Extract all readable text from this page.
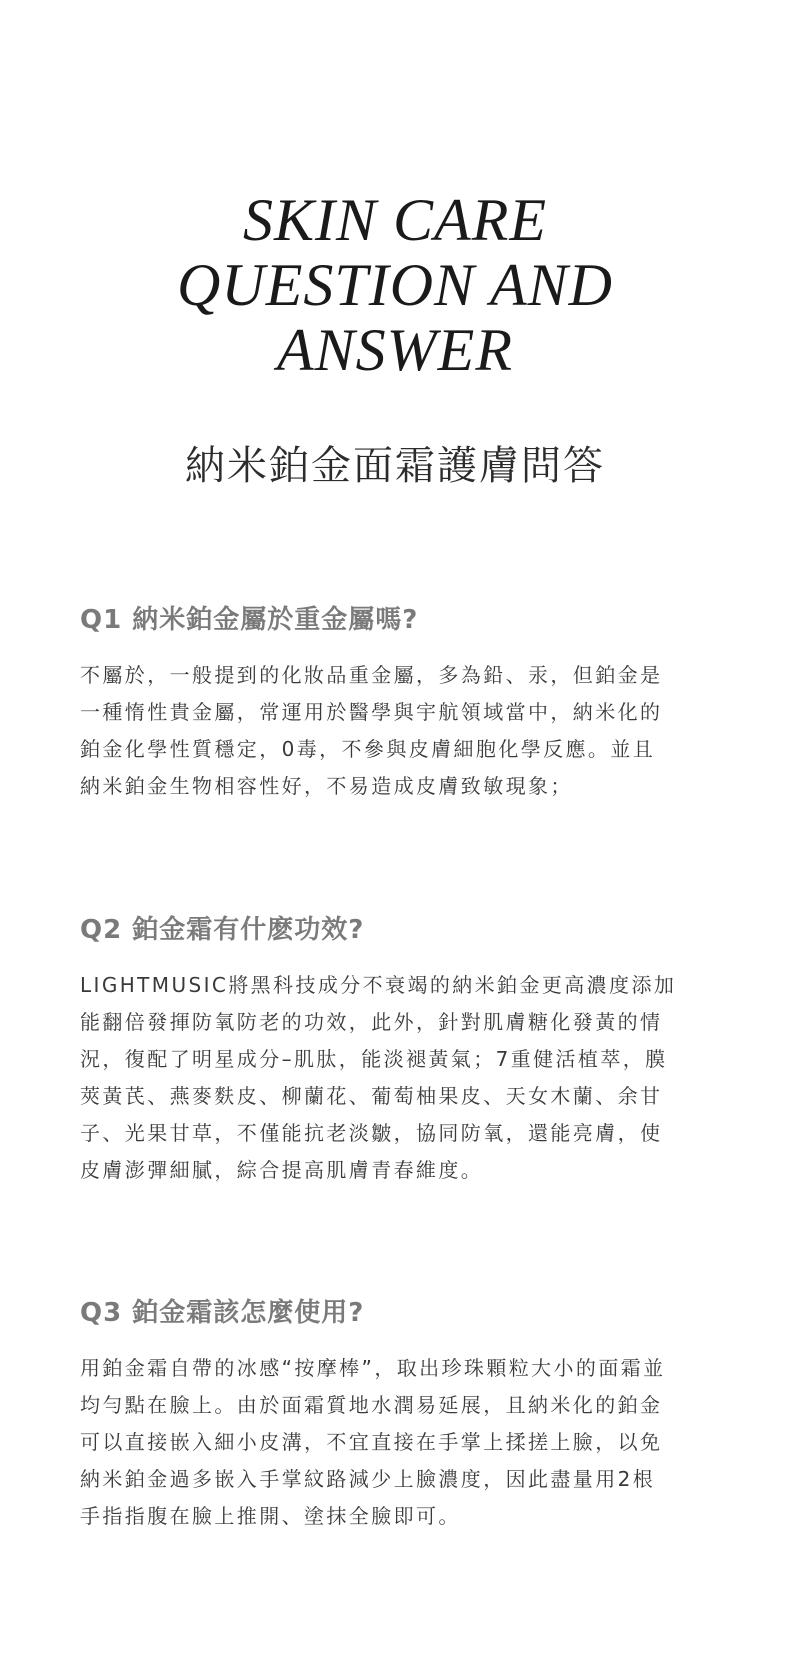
SKIN CARE
QUESTION AND
ANSWER
納米鉑金面霜護膚問答
Q1 納米鉑金屬於重金屬嗎?
不屬於，一般提到的化妝品重金屬，多為鉛、汞，但鉑金是
一種惰性貴金屬，常運用於醫學與宇航領域當中，納米化的
鉑金化學性質穩定，0毒，不參與皮膚細胞化學反應。並且
納米鉑金生物相容性好，不易造成皮膚致敏現象；
Q2 鉑金霜有什麽功效?
LIGHTMUSIC將黑科技成分不衰竭的納米鉑金更高濃度添加
能翻倍發揮防氧防老的功效，此外，針對肌膚糖化發黃的情
況，復配了明星成分–肌肽，能淡褪黃氣；7重健活植萃，膜
莢黃芪、燕麥麩皮、柳蘭花、葡萄柚果皮、天女木蘭、余甘
子、光果甘草，不僅能抗老淡皺，協同防氧，還能亮膚，使
皮膚澎彈細膩，綜合提高肌膚青春維度。
Q3 鉑金霜該怎麼使用?
用鉑金霜自帶的冰感“按摩棒”，取出珍珠顆粒大小的面霜並
均勻點在臉上。由於面霜質地水潤易延展，且納米化的鉑金
可以直接嵌入細小皮溝，不宜直接在手掌上揉搓上臉，以免
納米鉑金過多嵌入手掌紋路減少上臉濃度，因此盡量用2根
手指指腹在臉上推開、塗抹全臉即可。
